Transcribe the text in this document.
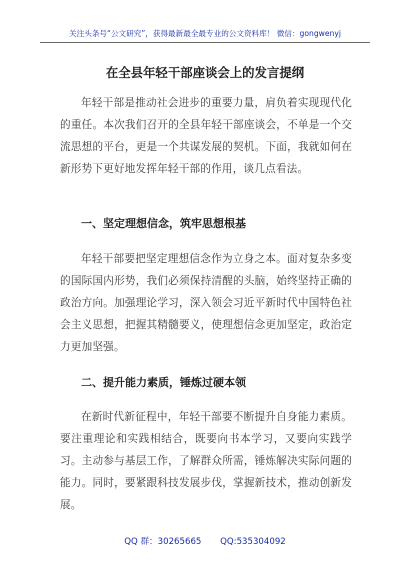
关注头条号“公文研究”，获得最新最全最专业的公文资料库！ 微信：gongwenyj
在全县年轻干部座谈会上的发言提纲

年轻干部是推动社会进步的重要力量，肩负着实现现代化的重任。本次我们召开的全县年轻干部座谈会，不单是一个交流思想的平台，更是一个共谋发展的契机。下面，我就如何在新形势下更好地发挥年轻干部的作用，谈几点看法。

一、坚定理想信念，筑牢思想根基

年轻干部要把坚定理想信念作为立身之本。面对复杂多变的国际国内形势，我们必须保持清醒的头脑，始终坚持正确的政治方向。加强理论学习，深入领会习近平新时代中国特色社会主义思想，把握其精髓要义，使理想信念更加坚定，政治定力更加坚强。

二、提升能力素质，锤炼过硬本领

在新时代新征程中，年轻干部要不断提升自身能力素质。要注重理论和实践相结合，既要向书本学习，又要向实践学习。主动参与基层工作，了解群众所需，锤炼解决实际问题的能力。同时，要紧跟科技发展步伐，掌握新技术，推动创新发展。

QQ 群：30265665 QQ:535304092
